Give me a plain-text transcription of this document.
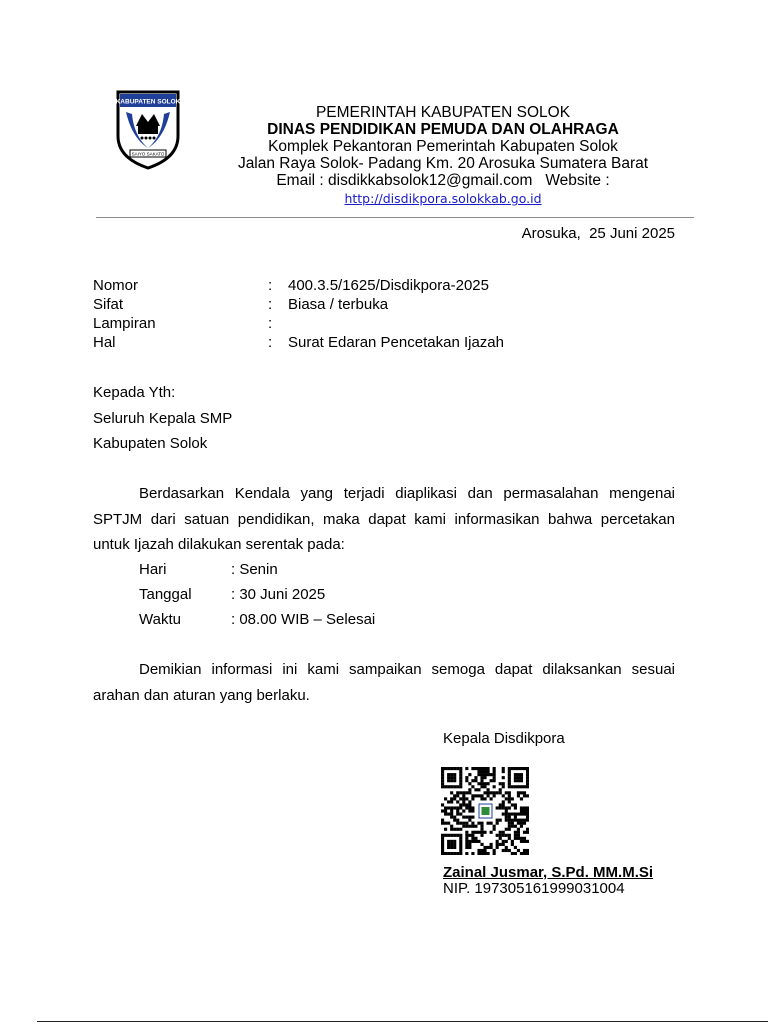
KABUPATEN SOLOK
SAIYO SAKATO
PEMERINTAH KABUPATEN SOLOK
DINAS PENDIDIKAN PEMUDA DAN OLAHRAGA
Komplek Pekantoran Pemerintah Kabupaten Solok
Jalan Raya Solok- Padang Km. 20 Arosuka Sumatera Barat
Email : disdikkabsolok12@gmail.com   Website :
http://disdikpora.solokkab.go.id
Arosuka,  25 Juni 2025
Nomor	: 400.3.5/1625/Disdikpora-2025
Sifat	: Biasa / terbuka
Lampiran	:
Hal	: Surat Edaran Pencetakan Ijazah
Kepada Yth:
Seluruh Kepala SMP
Kabupaten Solok

Berdasarkan Kendala yang terjadi diaplikasi dan permasalahan mengenai SPTJM dari satuan pendidikan, maka dapat kami informasikan bahwa percetakan untuk Ijazah dilakukan serentak pada:

Hari	: Senin
Tanggal	: 30 Juni 2025
Waktu	: 08.00 WIB – Selesai

Demikian informasi ini kami sampaikan semoga dapat dilaksankan sesuai arahan dan aturan yang berlaku.

Kepala Disdikpora
Zainal Jusmar, S.Pd. MM.M.Si
NIP. 197305161999031004
